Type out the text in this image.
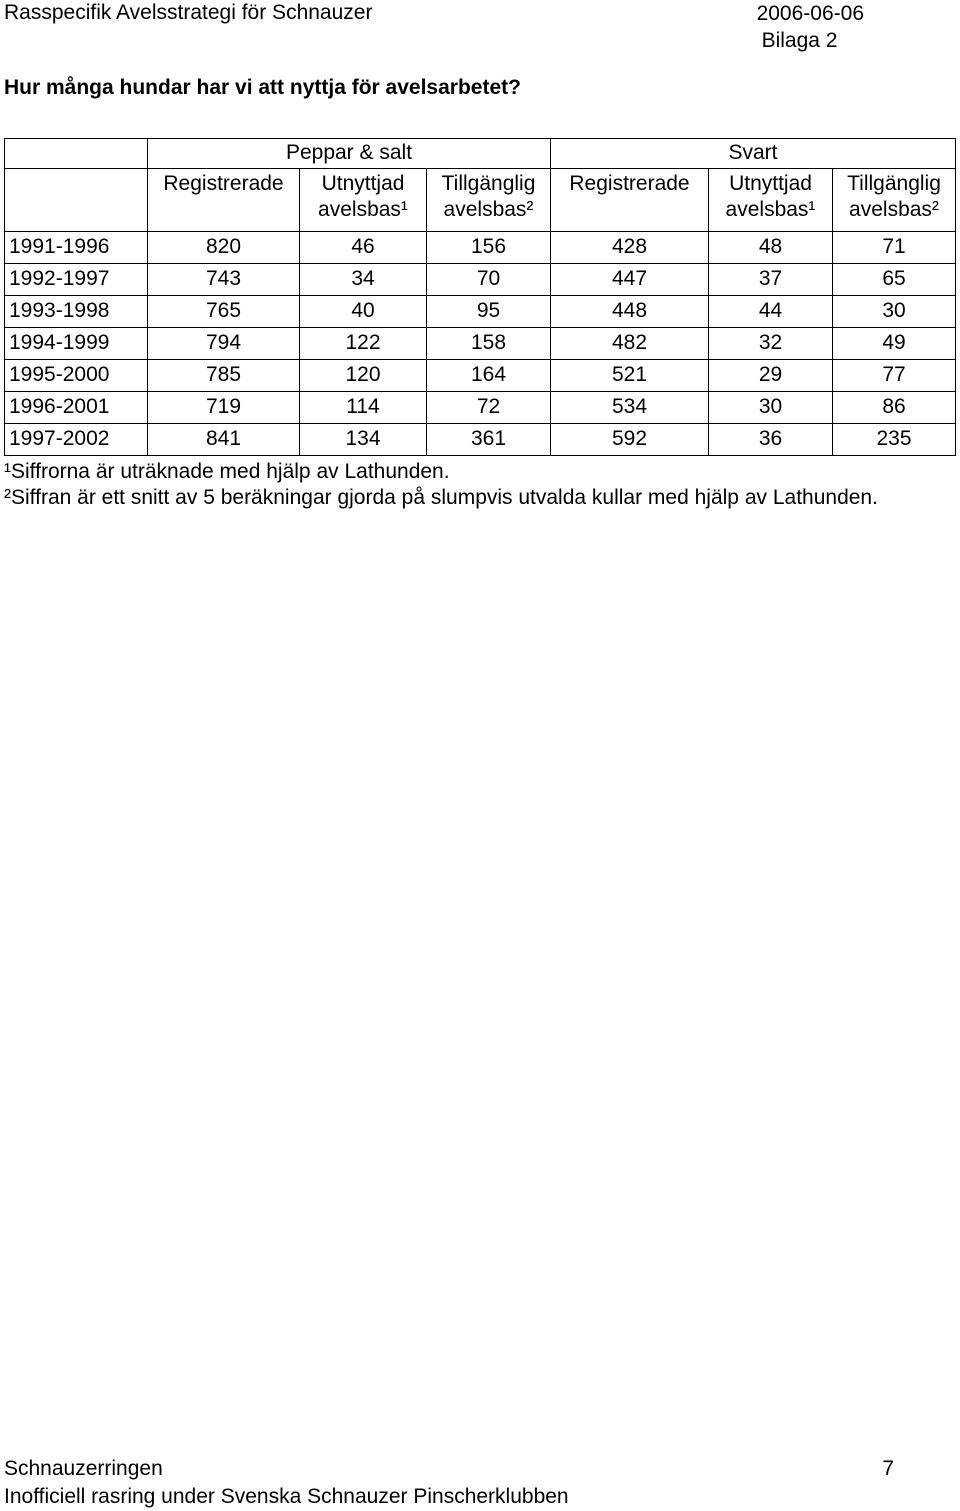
Rasspecifik Avelsstrategi för Schnauzer	2006-06-06
Bilaga 2
Hur många hundar har vi att nyttja för avelsarbetet?
	Peppar & salt			Svart		
	Registrerade	Utnyttjad avelsbas¹	Tillgänglig avelsbas²	Registrerade	Utnyttjad avelsbas¹	Tillgänglig avelsbas²
1991-1996	820	46	156	428	48	71
1992-1997	743	34	70	447	37	65
1993-1998	765	40	95	448	44	30
1994-1999	794	122	158	482	32	49
1995-2000	785	120	164	521	29	77
1996-2001	719	114	72	534	30	86
1997-2002	841	134	361	592	36	235
¹Siffrorna är uträknade med hjälp av Lathunden.
²Siffran är ett snitt av 5 beräkningar gjorda på slumpvis utvalda kullar med hjälp av Lathunden.
Schnauzerringen	7
Inofficiell rasring under Svenska Schnauzer Pinscherklubben
